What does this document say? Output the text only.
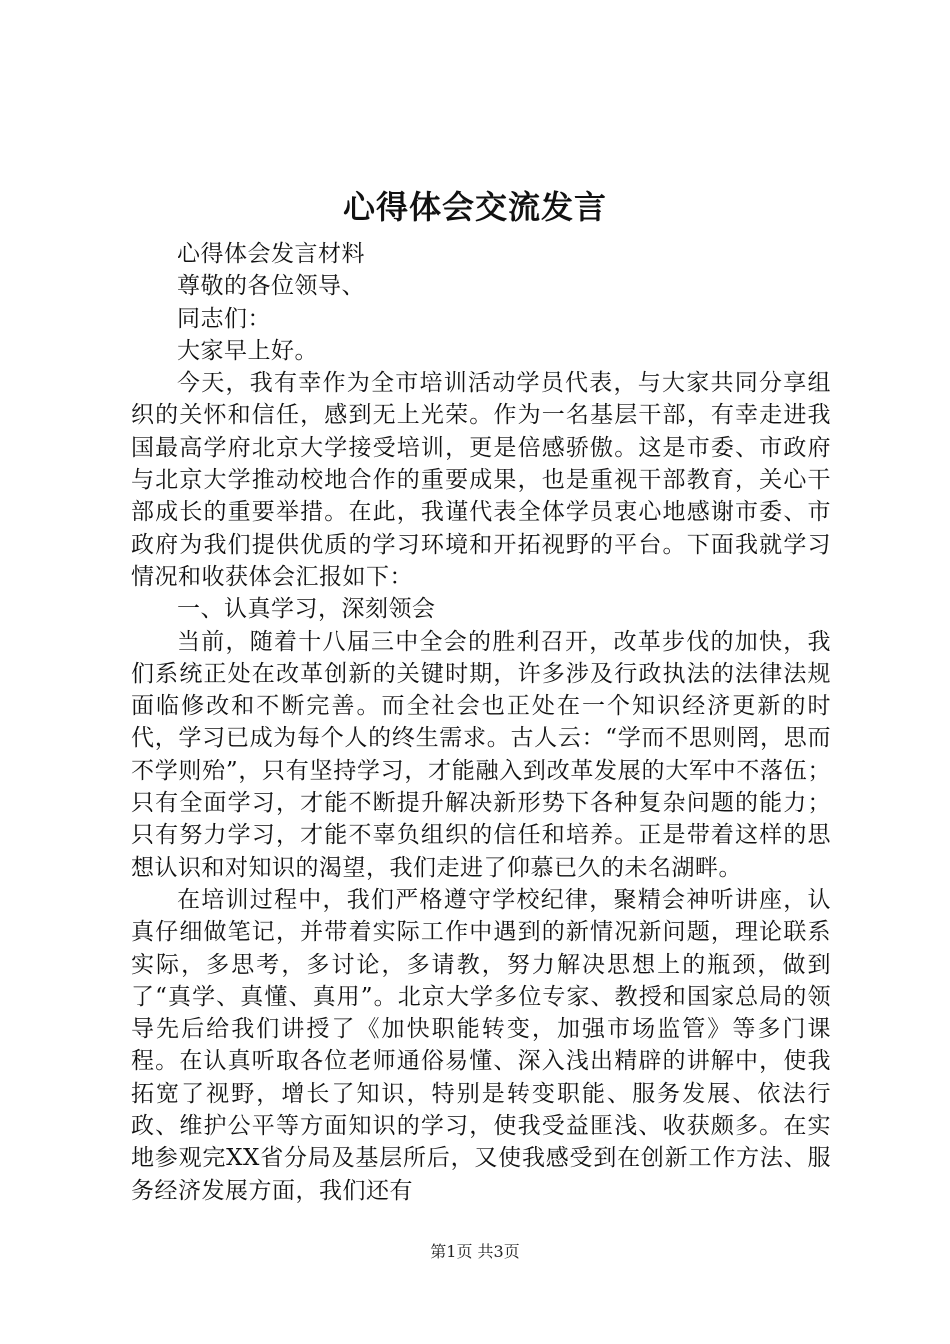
心得体会交流发言

心得体会发言材料

尊敬的各位领导、

同志们：

大家早上好。

今天，我有幸作为全市培训活动学员代表，与大家共同分享组织的关怀和信任，感到无上光荣。作为一名基层干部，有幸走进我国最高学府北京大学接受培训，更是倍感骄傲。这是市委、市政府与北京大学推动校地合作的重要成果，也是重视干部教育，关心干部成长的重要举措。在此，我谨代表全体学员衷心地感谢市委、市政府为我们提供优质的学习环境和开拓视野的平台。下面我就学习情况和收获体会汇报如下：

一、认真学习，深刻领会

当前，随着十八届三中全会的胜利召开，改革步伐的加快，我们系统正处在改革创新的关键时期，许多涉及行政执法的法律法规面临修改和不断完善。而全社会也正处在一个知识经济更新的时代，学习已成为每个人的终生需求。古人云：“学而不思则罔，思而不学则殆”，只有坚持学习，才能融入到改革发展的大军中不落伍；只有全面学习，才能不断提升解决新形势下各种复杂问题的能力；只有努力学习，才能不辜负组织的信任和培养。正是带着这样的思想认识和对知识的渴望，我们走进了仰慕已久的未名湖畔。

在培训过程中，我们严格遵守学校纪律，聚精会神听讲座，认真仔细做笔记，并带着实际工作中遇到的新情况新问题，理论联系实际，多思考，多讨论，多请教，努力解决思想上的瓶颈，做到了“真学、真懂、真用”。北京大学多位专家、教授和国家总局的领导先后给我们讲授了《加快职能转变，加强市场监管》等多门课程。在认真听取各位老师通俗易懂、深入浅出精辟的讲解中，使我拓宽了视野，增长了知识，特别是转变职能、服务发展、依法行政、维护公平等方面知识的学习，使我受益匪浅、收获颇多。在实地参观完XX省分局及基层所后，又使我感受到在创新工作方法、服务经济发展方面，我们还有

第1页 共3页
